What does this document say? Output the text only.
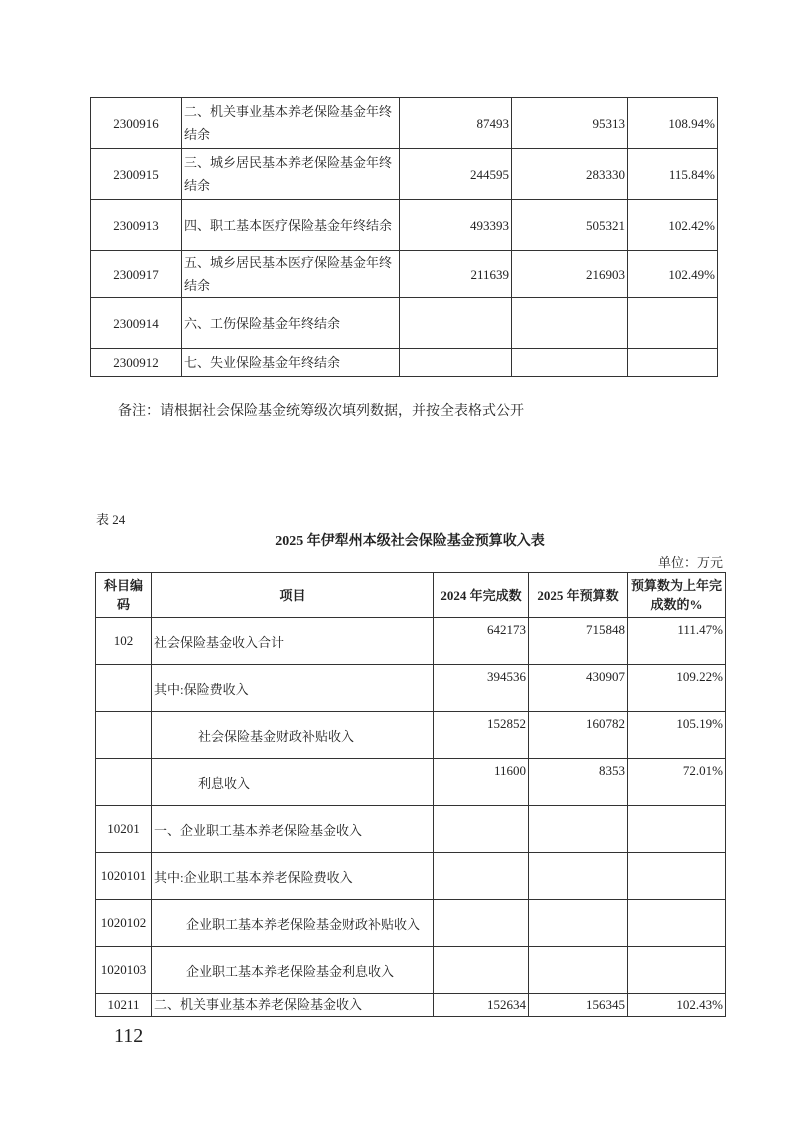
2300916	二、机关事业基本养老保险基金年终结余	87493	95313	108.94%
2300915	三、城乡居民基本养老保险基金年终结余	244595	283330	115.84%
2300913	四、职工基本医疗保险基金年终结余	493393	505321	102.42%
2300917	五、城乡居民基本医疗保险基金年终结余	211639	216903	102.49%
2300914	六、工伤保险基金年终结余			
2300912	七、失业保险基金年终结余			
备注：请根据社会保险基金统筹级次填列数据，并按全表格式公开
表 24
2025 年伊犁州本级社会保险基金预算收入表
单位：万元
科目编码	项目	2024 年完成数	2025 年预算数	预算数为上年完成数的%
102	社会保险基金收入合计	642173	715848	111.47%
	其中:保险费收入	394536	430907	109.22%
	社会保险基金财政补贴收入	152852	160782	105.19%
	利息收入	11600	8353	72.01%
10201	一、企业职工基本养老保险基金收入			
1020101	其中:企业职工基本养老保险费收入			
1020102	企业职工基本养老保险基金财政补贴收入			
1020103	企业职工基本养老保险基金利息收入			
10211	二、机关事业基本养老保险基金收入	152634	156345	102.43%
112
